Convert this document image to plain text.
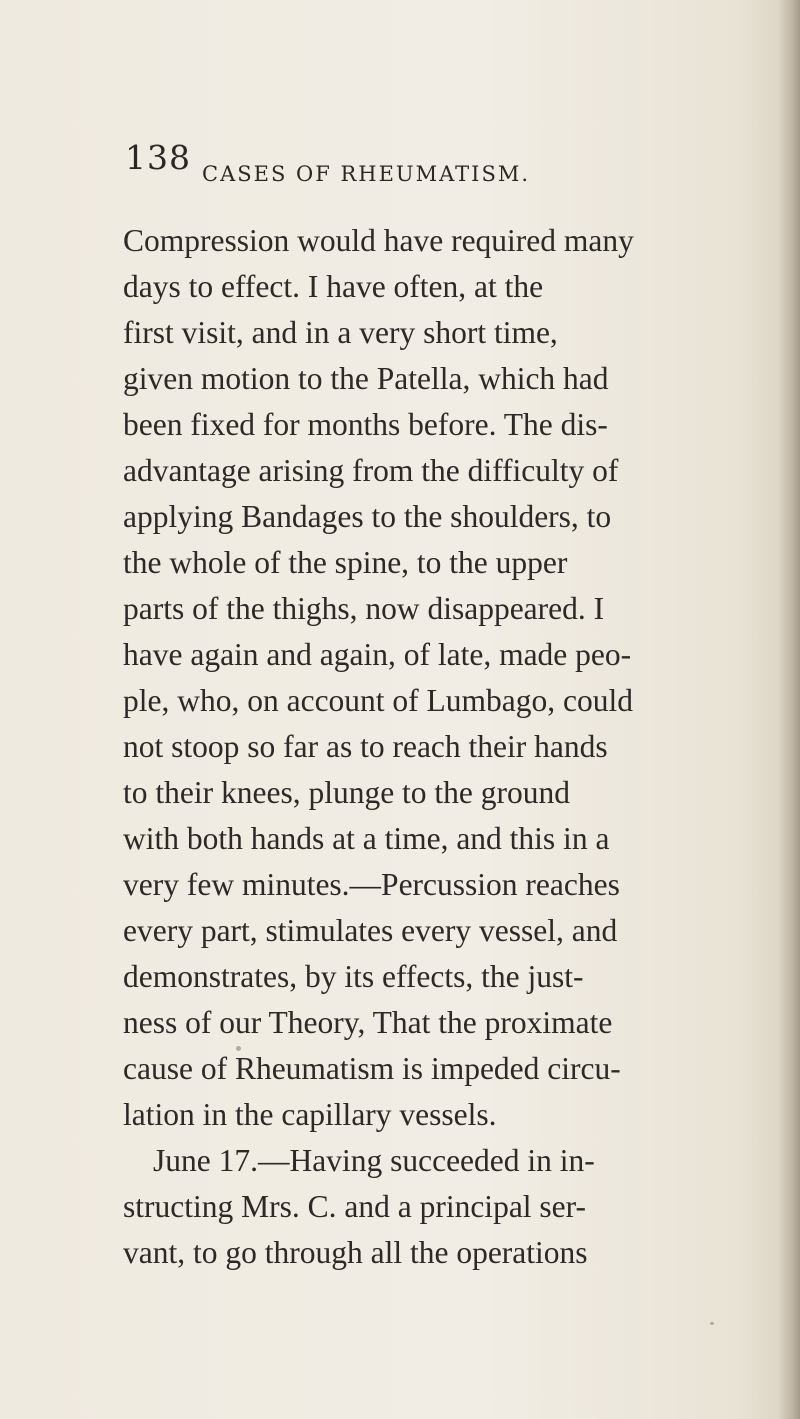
138 CASES OF RHEUMATISM.
Compression would have required many
days to effect. I have often, at the
first visit, and in a very short time,
given motion to the Patella, which had
been fixed for months before. The dis-
advantage arising from the difficulty of
applying Bandages to the shoulders, to
the whole of the spine, to the upper
parts of the thighs, now disappeared. I
have again and again, of late, made peo-
ple, who, on account of Lumbago, could
not stoop so far as to reach their hands
to their knees, plunge to the ground
with both hands at a time, and this in a
very few minutes.—Percussion reaches
every part, stimulates every vessel, and
demonstrates, by its effects, the just-
ness of our Theory, That the proximate
cause of Rheumatism is impeded circu-
lation in the capillary vessels.
June 17.—Having succeeded in in-
structing Mrs. C. and a principal ser-
vant, to go through all the operations
